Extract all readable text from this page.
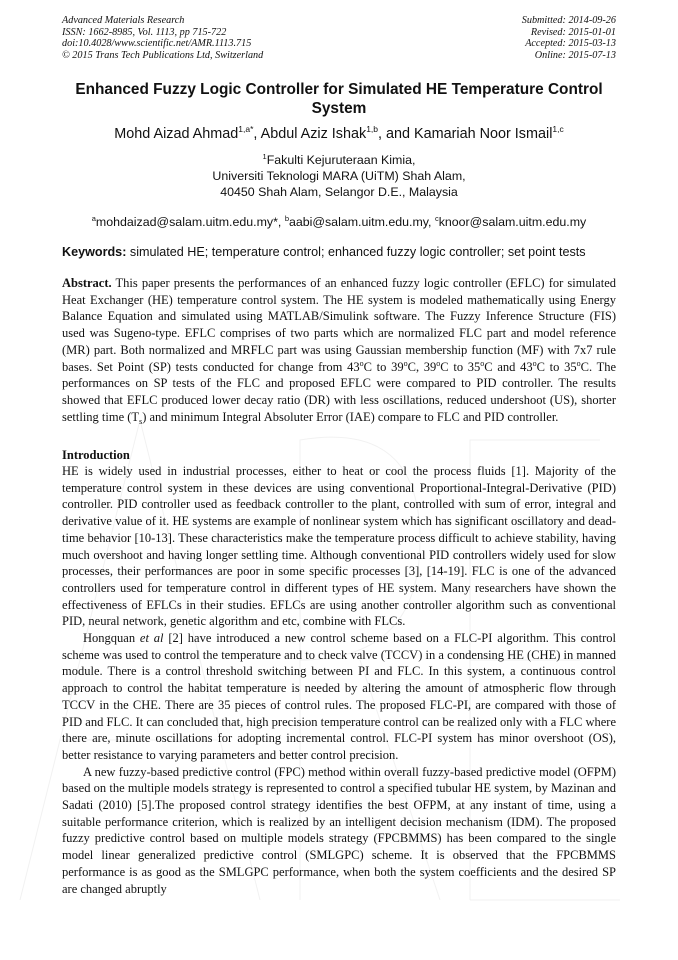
Advanced Materials Research
ISSN: 1662-8985, Vol. 1113, pp 715-722
doi:10.4028/www.scientific.net/AMR.1113.715
© 2015 Trans Tech Publications Ltd, Switzerland
Submitted: 2014-09-26
Revised: 2015-01-01
Accepted: 2015-03-13
Online: 2015-07-13
Enhanced Fuzzy Logic Controller for Simulated HE Temperature Control System
Mohd Aizad Ahmad$^{1,a*}$, Abdul Aziz Ishak$^{1,b}$, and Kamariah Noor Ismail$^{1,c}$
$^1$Fakulti Kejuruteraan Kimia,
Universiti Teknologi MARA (UiTM) Shah Alam,
40450 Shah Alam, Selangor D.E., Malaysia
$^a$mohdaizad@salam.uitm.edu.my*, $^b$aabi@salam.uitm.edu.my, $^c$knoor@salam.uitm.edu.my
Keywords: simulated HE; temperature control; enhanced fuzzy logic controller; set point tests
Abstract. This paper presents the performances of an enhanced fuzzy logic controller (EFLC) for simulated Heat Exchanger (HE) temperature control system. The HE system is modeled mathematically using Energy Balance Equation and simulated using MATLAB/Simulink software. The Fuzzy Inference Structure (FIS) used was Sugeno-type. EFLC comprises of two parts which are normalized FLC part and model reference (MR) part. Both normalized and MRFLC part was using Gaussian membership function (MF) with 7x7 rule bases. Set Point (SP) tests conducted for change from 43$^o$C to 39$^o$C, 39$^o$C to 35$^o$C and 43$^o$C to 35$^o$C. The performances on SP tests of the FLC and proposed EFLC were compared to PID controller. The results showed that EFLC produced lower decay ratio (DR) with less oscillations, reduced undershoot (US), shorter settling time $(T_s)$ and minimum Integral Absoluter Error (IAE) compare to FLC and PID controller.
Introduction

HE is widely used in industrial processes, either to heat or cool the process fluids [1]. Majority of the temperature control system in these devices are using conventional Proportional-Integral-Derivative (PID) controller. PID controller used as feedback controller to the plant, controlled with sum of error, integral and derivative value of it. HE systems are example of nonlinear system which has significant oscillatory and dead-time behavior [10-13]. These characteristics make the temperature process difficult to achieve stability, having much overshoot and having longer settling time. Although conventional PID controllers widely used for slow processes, their performances are poor in some specific processes [3], [14-19]. FLC is one of the advanced controllers used for temperature control in different types of HE system. Many researchers have shown the effectiveness of EFLCs in their studies. EFLCs are using another controller algorithm such as conventional PID, neural network, genetic algorithm and etc, combine with FLCs.

Hongquan et al [2] have introduced a new control scheme based on a FLC-PI algorithm. This control scheme was used to control the temperature and to check valve (TCCV) in a condensing HE (CHE) in manned module. There is a control threshold switching between PI and FLC. In this system, a continuous control approach to control the habitat temperature is needed by altering the amount of atmospheric flow through TCCV in the CHE. There are 35 pieces of control rules. The proposed FLC-PI, are compared with those of PID and FLC. It can concluded that, high precision temperature control can be realized only with a FLC where there are, minute oscillations for adopting incremental control. FLC-PI system has minor overshoot (OS), better resistance to varying parameters and better control precision.

A new fuzzy-based predictive control (FPC) method within overall fuzzy-based predictive model (OFPM) based on the multiple models strategy is represented to control a specified tubular HE system, by Mazinan and Sadati (2010) [5].The proposed control strategy identifies the best OFPM, at any instant of time, using a suitable performance criterion, which is realized by an intelligent decision mechanism (IDM). The proposed fuzzy predictive control based on multiple models strategy (FPCBMMS) has been compared to the single model linear generalized predictive control (SMLGPC) scheme. It is observed that the FPCBMMS performance is as good as the SMLGPC performance, when both the system coefficients and the desired SP are changed abruptly
